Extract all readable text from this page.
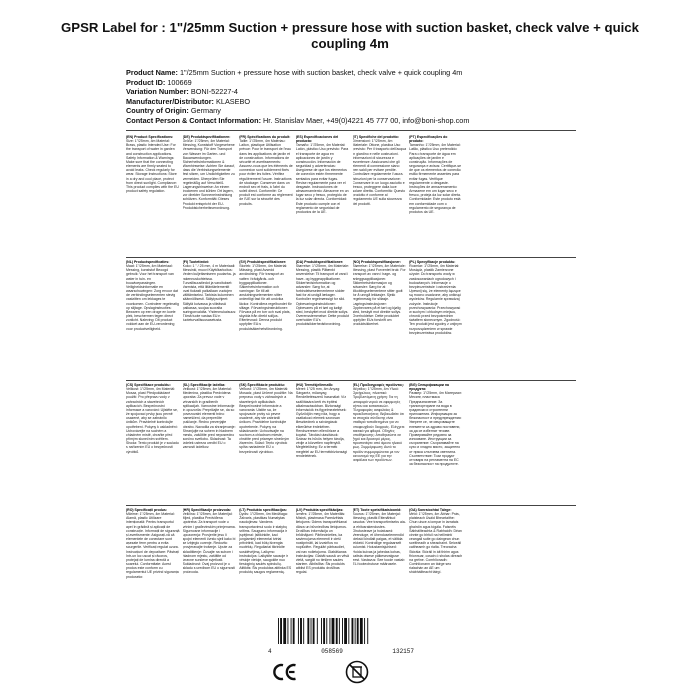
GPSR Label for : 1"/25mm Suction + pressure hose with suction basket, check valve + quick coupling 4m
Product Name: 1"/25mm Suction + pressure hose with suction basket, check valve + quick coupling 4m
Product ID: 100669
Variation Number: BONI-52227-4
Manufacturer/Distributor: KLASEBO
Country of Origin: Germany
Contact Person & Contact Information: Hr. Stanislav Maer, +49(0)4221 45 777 00, info@boni-shop.com
(EN) Product Specifications:
Size: 1"/25mm, 4m Material: Brass, plastic Intended Use: For the transport of water in garden and construction applications. Safety Information & Warnings: Make sure that the connecting elements are firmly seated to avoid leaks. Check regularly for wear. Storage Instructions: Store in a dry and cool place, protect from direct sunlight. Compliance: This product complies with the EU product safety regulation.
(DE) Produktspezifikationen:
Größe: 1"/25mm, 4m Material: Messing, Kunststoff Vorgesehene Verwendung: Für den Transport von Wasser im Garten- und Bauanwendungen. Sicherheitsinformationen & Warnhinweise: Achten Sie darauf, dass die Verbindungselemente fest sitzen, um Undichtigkeiten zu vermeiden. Überprüfen Sie regelmäßig auf Verschleiß. Lagerungshinweise: An einem trockenen und kühlen Ort lagern, vor direkter Sonneneinstrahlung schützen. Konformität: Dieses Produkt entspricht der EU-Produktsicherheitsverordnung.
(FR) Spécifications du produit:
Taille: 1"/25mm, 4m Matériau: Laiton, plastique Utilisation prévue: Pour le transport de l'eau dans les applications de jardin et de construction. Informations de sécurité et avertissements: Assurez-vous que les éléments de connexion sont solidement fixés pour éviter les fuites. Vérifiez régulièrement l'usure. Instructions de stockage: Conserver dans un endroit sec et frais, à l'abri du soleil direct. Conformité: Ce produit est conforme au règlement de l'UE sur la sécurité des produits.
(ES) Especificaciones del producto:
Tamaño: 1"/25mm, 4m Material: Latón, plástico Uso previsto: Para el transporte de agua en aplicaciones de jardín y construcción. Información de seguridad y advertencias: Asegúrese de que los elementos de conexión estén firmemente sentados para evitar fugas. Revise regularmente para ver el desgaste. Instrucciones de almacenamiento: Almacene en un lugar seco y fresco, protegido de la luz solar directa. Conformidad: Este producto cumple con el reglamento de seguridad de productos de la UE.
(IT) Specifiche del prodotto:
Dimensioni: 1"/25mm, 4m Materiale: Ottone, plastica Uso previsto: Per il trasporto dell'acqua in giardino e nelle costruzioni. Informazioni di sicurezza e avvertenze: Assicurarsi che gli elementi di connessione siano ben saldi per evitare perdite. Controllare regolarmente l'usura. Istruzioni per la conservazione: Conservare in un luogo asciutto e fresco, proteggere dalla luce solare diretta. Conformità: Questo prodotto è conforme al regolamento UE sulla sicurezza dei prodotti.
(PT) Especificações do produto:
Tamanho: 1"/25mm, 4m Material: Latão, plástico Uso pretendido: Para o transporte de água em aplicações de jardim e construção. Informações de segurança e avisos: Certifique-se de que os elementos de conexão estão firmemente assentes para evitar fugas. Verifique regularmente o desgaste. Instruções de armazenamento: Armazene em um lugar seco e fresco, proteja da luz solar direta. Conformidade: Este produto está em conformidade com o regulamento de segurança de produtos da UE.
(NL) Productspecificaties:
Maat: 1"/25mm, 4m Materiaal: Messing, kunststof Beoogd gebruik: Voor het transport van water in tuin- en bouwtoepassingen. Veiligheidsinformatie en waarschuwingen: Zorg ervoor dat de verbindingselementen stevig vastzitten om lekkages te voorkomen. Controleer regelmatig op slijtage. Opslaginstructies: Bewaren op een droge en koele plek, beschermen tegen direct zonlicht. Naleving: Dit product voldoet aan de EU-verordening voor productveiligheid.
(FI) Tuotetiedot:
Koko: 1 " / 25 mm, 4 m Materiaali: Messinki, muovi Käyttötarkoitus: Veden kuljettamiseen puutarha- ja rakennuskohteissa. Turvallisuustiedot ja varoitukset: Varmista, että liitäntäelementit ovat tiukasti paikallaan vuotojen välttämiseksi. Tarkista kuluminen säännöllisesti. Säilytysohjeet: Säilytä kuivassa ja viileässä paikassa, suojaa suoralta auringonvalolta. Yhdenmukaisuus: Tämä tuote vastaa EU:n tuoteturvallisuusasetusta.
(SV) Produktspecifikationer:
Storlek: 1"/25mm, 4m Material: Mässing, plast Avsedd användning: För transport av vatten i trädgårds- och byggapplikationer. Säkerhetsinformation och varningar: Se till att anslutningselementen sitter ordentligt fast för att undvika läckor. Kontrollera regelbundet för slitage. Förvaringsinstruktioner: Förvara på en torr och sval plats, skydda från direkt solljus. Efterlevnad: Denna produkt uppfyller EU:s produktsäkerhetsförordning.
(DA) Produktspecifikationer:
Størrelse: 1"/25mm, 4m Materiale: Messing, plastik Påtænkt anvendelse: Til transport af vand i have- og byggeapplikationer. Sikkerhedsinformation og advarsler: Sørg for, at forbindelseselementerne sidder fast for at undgå lækager. Kontroller regelmæssigt for slid. Opbevaringsinstruktioner: Opbevares på et tørt og køligt sted, beskyttet mod direkte sollys. Overensstemmelse: Dette produkt overholder EU's produktsikkerhedsforordning.
(NO) Produktspesifikasjoner:
Størrelse: 1"/25mm, 4m Materiale: Messing, plast Forventet bruk: For transport av vann i hage- og anleggsapplikasjoner. Sikkerhetsinformasjon og advarsler: Sørg for at tilkoblingselementene sitter godt for å unngå lekkasjer. Sjekk regelmessig for slitasje. Lagringsinstruksjoner: Oppbevares på et tørt og kjølig sted, beskytt mot direkte sollys. Overholdelse: Dette produktet oppfyller EUs forskrift om produktsikkerhet.
(PL) Specyfikacje produktu:
Rozmiar: 1"/25mm, 4m Materiał: Mosiądz, plastik Zamierzone użycie: Do transportu wody w zastosowaniach ogrodowych i budowlanych. Informacje o bezpieczeństwie i ostrzeżenia: Upewnij się, że elementy łączące są mocno osadzone, aby uniknąć wycieków. Regularnie sprawdzaj zużycie. Instrukcje przechowywania: Przechowywać w suchym i chłodnym miejscu, chronić przed bezpośrednim światłem słonecznym. Zgodność: Ten produkt jest zgodny z unijnym rozporządzeniem w sprawie bezpieczeństwa produktów.
(CS) Specifikace produktu:
Velikost: 1"/25mm, 4m Materiál: Mosaz, plast Předpokládané použití: Pro přepravu vody v zahradních a stavebních aplikacích. Bezpečnostní informace a varování: Ujistěte se, že spojovací prvky jsou pevně usazené, aby se zabránilo únikům. Pravidelně kontrolujte opotřebení. Pokyny k uskladnění: Uchovávejte na suchém a chladném místě, chraňte před přímým slunečním světlem. Shoda: Tento produkt je v souladu s nařízením EU o bezpečnosti výrobků.
(SL) Specifikacije izdelka:
Velikost: 1"/25mm, 4m Material: Medenina, plastika Predvidena uporaba: Za prevoz vode v vrtnarskih in gradbenih aplikacijah. Varnostne informacije in opozorila: Prepričajte se, da so povezovalni elementi trdno nameščeni, da preprečite puščanje. Redno preverjajte obrabo. Navodila za shranjevanje: Shranjujte na suhem in hladnem mestu, zaščitite pred neposredno sončno svetlobo. Skladnost: Ta izdelek ustreza uredbi EU o varnosti izdelkov.
(SK) Špecifikácie produktu:
Veľkosť: 1"/25mm, 4m Materiál: Mosadz, plast Určené použitie: Na prepravu vody v záhradných a stavebných aplikáciách. Bezpečnostné informácie a varovania: Uistite sa, že spojovacie prvky sú pevne osadené, aby ste zabránili únikom. Pravidelne kontrolujte opotrebenie. Pokyny na skladovanie: Uchovávajte na suchom a chladnom mieste, chráňte pred priamym slnečným žiarením. Súlad: Tento výrobok spĺňa nariadenie EÚ o bezpečnosti výrobkov.
(HU) Termékjellemzők:
Méret: 1"/25 mm, 4m Anyag: Sárgaréz, műanyag Rendeltetésszerű használat: Víz szállítására kerti és építési alkalmazásokban. Biztonsági információk és figyelmeztetések: Győződjön meg róla, hogy a csatlakozó elemek szorosan illeszkednek a szivárgások elkerülése érdekében. Rendszeresen ellenőrizze a kopást. Tárolási utasítások: Száraz és hűvös helyen tárolja, védje a közvetlen napfénytől. Megfelelőség: Ez a termék megfelel az EU termékbiztonsági rendeletének.
(EL) Προδιαγραφές προϊόντος:
Μέγεθος: 1"/25mm, 4m Υλικό: Ορείχαλκος, πλαστικό Προβλεπόμενη χρήση: Για τη μεταφορά νερού σε εφαρμογές κήπου και κατασκευών. Πληροφορίες ασφαλείας & προειδοποιήσεις: Βεβαιωθείτε ότι τα στοιχεία σύνδεσης είναι σταθερά τοποθετημένα για να αποφευχθούν διαρροές. Ελέγχετε τακτικά για φθορά. Οδηγίες αποθήκευσης: Αποθηκεύστε σε ξηρό και δροσερό μέρος, προστατέψτε από άμεσο ηλιακό φως. Συμμόρφωση: Αυτό το προϊόν συμμορφώνεται με τον κανονισμό της ΕΕ για την ασφάλεια των προϊόντων.
(BG) Спецификации на продукта:
Размер: 1"/25mm, 4m Материал: Месинг, пластмаса Предназначение: За транспортиране на вода в градински и строителни приложения. Информация за безопасност и предупреждения: Уверете се, че свързващите елементи са здраво поставени, за да се избегнат течове. Проверявайте редовно за износване. Инструкции за съхранение: Съхранявайте на сухо и хладно място, защитено от пряка слънчева светлина. Съответствие: Този продукт отговаря на регламента на ЕС за безопасност на продуктите.
(RO) Specificații produs:
Mărime: 1"/25mm, 4m Material: Alamă, plastic Utilizare intenționată: Pentru transportul apei în grădină și aplicații de construcție. Informații de siguranță și avertismente: Asigurați-vă că elementele de conectare sunt așezate ferm pentru a evita scurgerile. Verificați regulat uzura. Instrucțiuni de depozitare: Păstrați într-un loc uscat și răcoros, protejați de lumina directă a soarelui. Conformitate: Acest produs este conform cu regulamentul UE privind siguranța produselor.
(HR) Specifikacije proizvoda:
Veličina: 1"/25mm, 4m Materijal: Mjed, plastika Predviđena upotreba: Za transport vode u vrtnim i građevinskim primjenama. Sigurnosne informacije i upozorenja: Provjerite jesu li spojni elementi čvrsto sjeli kako bi se izbjeglo curenje. Redovito provjeravajte trošenje. Upute za skladištenje: Čuvajte na suhom i hladnom mjestu, zaštitite od izravne sunčeve svjetlosti. Sukladnost: Ovaj proizvod je u skladu s uredbom EU o sigurnosti proizvoda.
(LT) Produkto specifikacijos:
Dydis: 1"/25mm, 4m Medžiaga: Žalvaris, plastikas Numatytas naudojimas: Vandens transportavimui sodo ir statybų sritims. Saugumo informacija ir įspėjimai: Įsitikinkite, kad jungiamieji elementai tvirtai pritvirtinti, kad būtų išvengta nuotėkių. Reguliariai tikrinkite susidėvėjimą. Laikymo instrukcijos: Laikykite sausoje ir vėsioje vietoje, saugokite nuo tiesioginių saulės spindulių. Atitiktis: Šis produktas atitinka ES produktų saugos reglamentą.
(LV) Produkta specifikācijas:
Izmērs: 1"/25mm, 4m Materiāls: Misiņš, plastmasa Paredzētais lietojums: Ūdens transportēšanai dārza un būvniecības lietojumos. Drošības informācija un brīdinājumi: Pārliecinieties, ka savienojuma elementi ir cieši nostiprināti, lai izvairītos no noplūdēm. Regulāri pārbaudiet, vai nav nolietojuma. Glabāšanas instrukcijas: Glabāt sausā un vēsā vietā, sargāt no tiešiem saules stariem. Atbilstība: Šis produkts atbilst ES produktu drošības regulai.
(ET) Toote spetsifikatsioonid:
Suurus: 1"/25mm, 4m Materjal: Messing, plastik Ettenähtud kasutus: Vee transportimiseks aia- ja ehitusrakendustes. Ohutusteave ja hoiatused: Veenduge, et ühenduselemendid oleksid kindlalt paigas, et vältida lekkeid. Kontrollige regulaarselt kulumist. Hoiustamisjuhised: Hoida kuivas ja jahedas kohas, kaitsta otsese päikesevalguse eest. Vastavus: See toode vastab ELi tooteohutuse määrusele.
(GA) Sonraíochtaí Táirge:
Méid: 1"/25mm, 4m Ábhar: Prás, plaisteach Úsáid Bheartaithe: Chun uisce a iompar in iarratais ghairdín agus tógála. Faisnéis Sábháilteachta & Rabhaidh: Déan cinnte go bhfuil na heilimintí ceangail suite go daingean chun sceitheadh a sheachaint. Seiceáil caitheamh go rialta. Treoracha Stórála: Stóráil in áit thirim agus fhionnuar, cosain ó sholas díreach na gréine. Comhlíonadh: Comhlíonann an táirge seo rialachán an AE um shábháilteacht táirgí.
4	058569	132157
